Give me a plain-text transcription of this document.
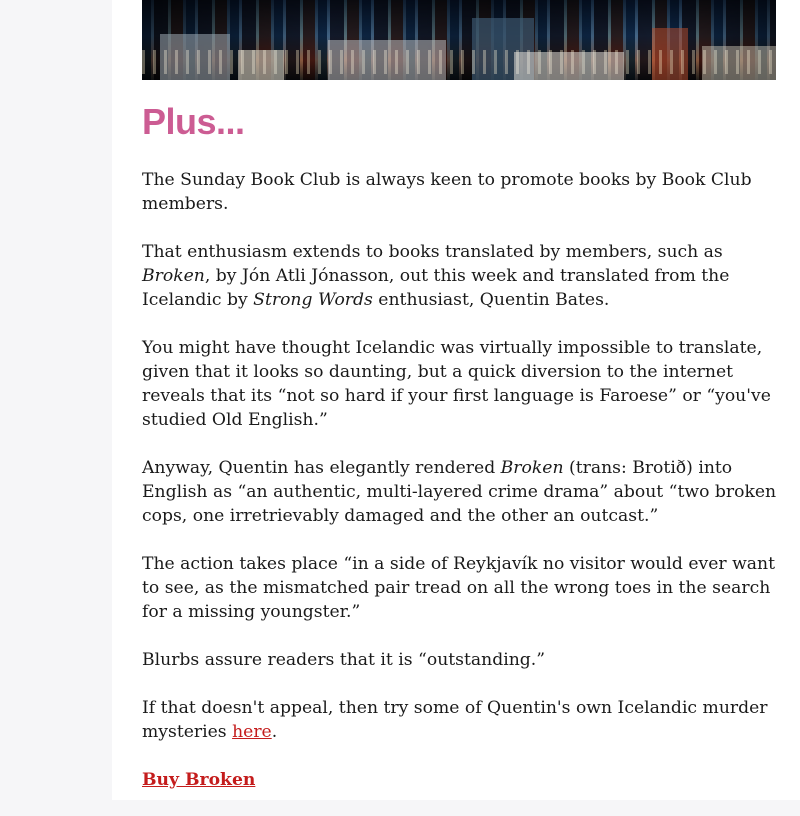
Plus...

The Sunday Book Club is always keen to promote books by Book Club members.

That enthusiasm extends to books translated by members, such as Broken, by Jón Atli Jónasson, out this week and translated from the Icelandic by Strong Words enthusiast, Quentin Bates.

You might have thought Icelandic was virtually impossible to translate, given that it looks so daunting, but a quick diversion to the internet reveals that its “not so hard if your first language is Faroese” or “you've studied Old English.”

Anyway, Quentin has elegantly rendered Broken (trans: Brotið) into English as “an authentic, multi-layered crime drama” about “two broken cops, one irretrievably damaged and the other an outcast.”

The action takes place “in a side of Reykjavík no visitor would ever want to see, as the mismatched pair tread on all the wrong toes in the search for a missing youngster.”

Blurbs assure readers that it is “outstanding.”

If that doesn't appeal, then try some of Quentin's own Icelandic murder mysteries here.

Buy Broken
